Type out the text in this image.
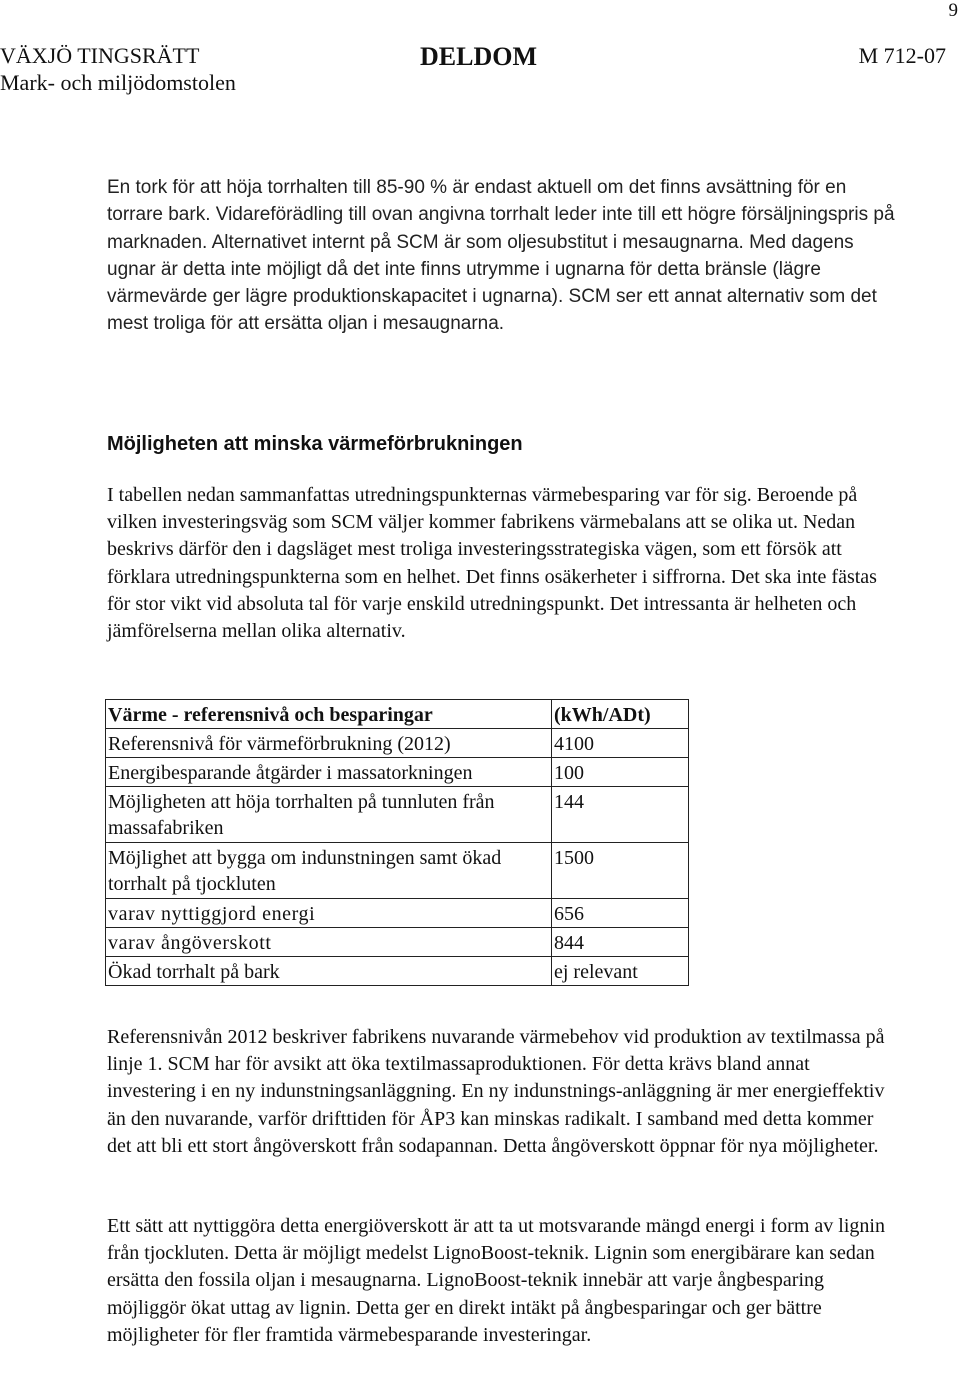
9
VÄXJÖ TINGSRÄTT
Mark- och miljödomstolen
DELDOM	M 712-07

En tork för att höja torrhalten till 85-90 % är endast aktuell om det finns avsättning för en torrare bark. Vidareförädling till ovan angivna torrhalt leder inte till ett högre försäljningspris på marknaden. Alternativet internt på SCM är som oljesubstitut i mesaugnarna. Med dagens ugnar är detta inte möjligt då det inte finns utrymme i ugnarna för detta bränsle (lägre värmevärde ger lägre produktionskapacitet i ugnarna). SCM ser ett annat alternativ som det mest troliga för att ersätta oljan i mesaugnarna.

Möjligheten att minska värmeförbrukningen

I tabellen nedan sammanfattas utredningspunkternas värmebesparing var för sig. Beroende på vilken investeringsväg som SCM väljer kommer fabrikens värmebalans att se olika ut. Nedan beskrivs därför den i dagsläget mest troliga investeringsstrategiska vägen, som ett försök att förklara utredningspunkterna som en helhet. Det finns osäkerheter i siffrorna. Det ska inte fästas för stor vikt vid absoluta tal för varje enskild utredningspunkt. Det intressanta är helheten och jämförelserna mellan olika alternativ.

Värme - referensnivå och besparingar	(kWh/ADt)
Referensnivå för värmeförbrukning (2012)	4100
Energibesparande åtgärder i massatorkningen	100
Möjligheten att höja torrhalten på tunnluten från massafabriken	144
Möjlighet att bygga om indunstningen samt ökad torrhalt på tjockluten	1500
varav nyttiggjord energi	656
varav ångöverskott	844
Ökad torrhalt på bark	ej relevant

Referensnivån 2012 beskriver fabrikens nuvarande värmebehov vid produktion av textilmassa på linje 1. SCM har för avsikt att öka textilmassaproduktionen. För detta krävs bland annat investering i en ny indunstningsanläggning. En ny indunstnings-anläggning är mer energieffektiv än den nuvarande, varför drifttiden för ÅP3 kan minskas radikalt. I samband med detta kommer det att bli ett stort ångöverskott från sodapannan. Detta ångöverskott öppnar för nya möjligheter.

Ett sätt att nyttiggöra detta energiöverskott är att ta ut motsvarande mängd energi i form av lignin från tjockluten. Detta är möjligt medelst LignoBoost-teknik. Lignin som energibärare kan sedan ersätta den fossila oljan i mesaugnarna. LignoBoost-teknik innebär att varje ångbesparing möjliggör ökat uttag av lignin. Detta ger en direkt intäkt på ångbesparingar och ger bättre möjligheter för fler framtida värmebesparande investeringar.
